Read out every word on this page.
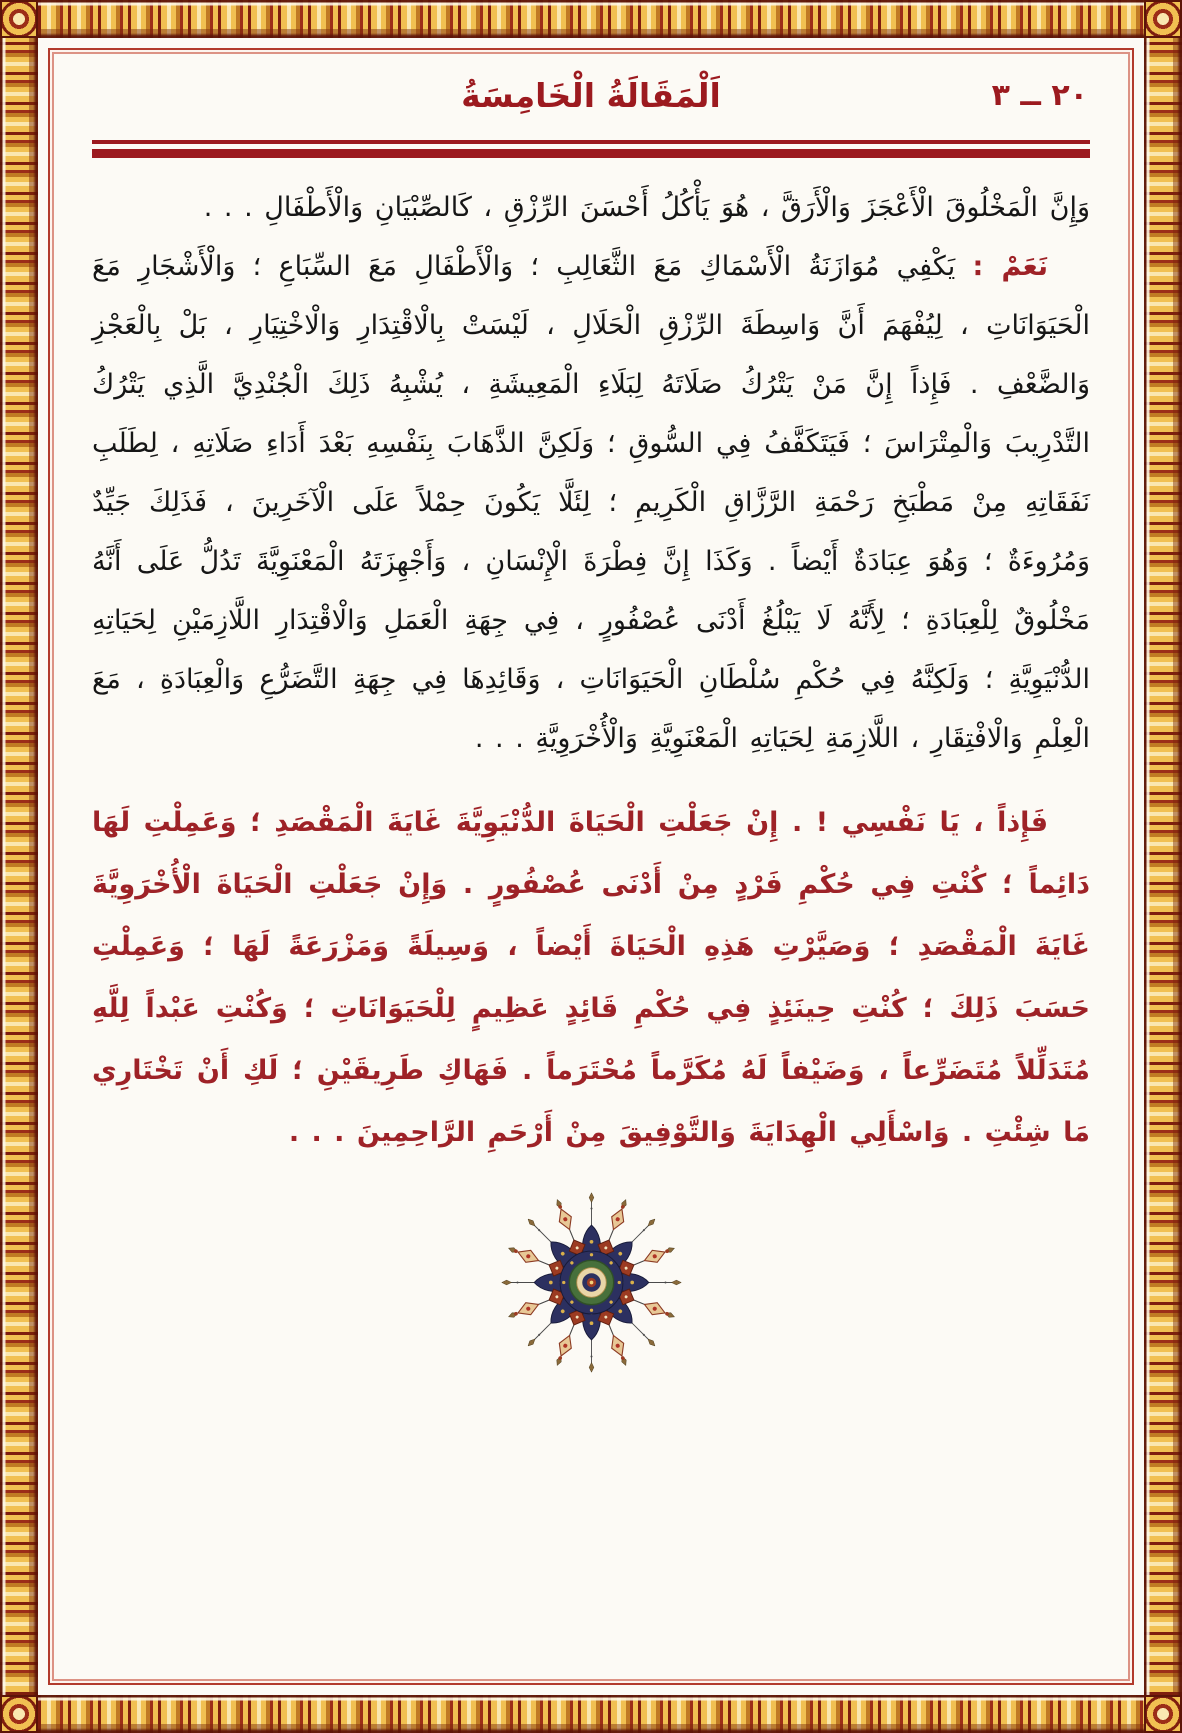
٢٠ ــ ٣
اَلْمَقَالَةُ الْخَامِسَةُ

وَإِنَّ الْمَخْلُوقَ الْأَعْجَزَ وَالْأَرَقَّ ، هُوَ يَأْكُلُ أَحْسَنَ الرِّزْقِ ، كَالصِّبْيَانِ وَالْأَطْفَالِ . . .

نَعَمْ : يَكْفِي مُوَازَنَةُ الْأَسْمَاكِ مَعَ الثَّعَالِبِ ؛ وَالْأَطْفَالِ مَعَ السِّبَاعِ ؛ وَالْأَشْجَارِ مَعَ الْحَيَوَانَاتِ ، لِيُفْهَمَ أَنَّ وَاسِطَةَ الرِّزْقِ الْحَلَالِ ، لَيْسَتْ بِالْاقْتِدَارِ وَالْاخْتِيَارِ ، بَلْ بِالْعَجْزِ وَالضَّعْفِ . فَإِذاً إِنَّ مَنْ يَتْرُكُ صَلَاتَهُ لِبَلَاءِ الْمَعِيشَةِ ، يُشْبِهُ ذَلِكَ الْجُنْدِيَّ الَّذِي يَتْرُكُ التَّدْرِيبَ وَالْمِتْرَاسَ ؛ فَيَتَكَفَّفُ فِي السُّوقِ ؛ وَلَكِنَّ الذَّهَابَ بِنَفْسِهِ بَعْدَ أَدَاءِ صَلَاتِهِ ، لِطَلَبِ نَفَقَاتِهِ مِنْ مَطْبَخِ رَحْمَةِ الرَّزَّاقِ الْكَرِيمِ ؛ لِئَلَّا يَكُونَ حِمْلاً عَلَى الْآخَرِينَ ، فَذَلِكَ جَيِّدٌ وَمُرُوءَةٌ ؛ وَهُوَ عِبَادَةٌ أَيْضاً . وَكَذَا إِنَّ فِطْرَةَ الْإِنْسَانِ ، وَأَجْهِزَتَهُ الْمَعْنَوِيَّةَ تَدُلُّ عَلَى أَنَّهُ مَخْلُوقٌ لِلْعِبَادَةِ ؛ لِأَنَّهُ لَا يَبْلُغُ أَدْنَى عُصْفُورٍ ، فِي جِهَةِ الْعَمَلِ وَالْاقْتِدَارِ اللَّازِمَيْنِ لِحَيَاتِهِ الدُّنْيَوِيَّةِ ؛ وَلَكِنَّهُ فِي حُكْمِ سُلْطَانِ الْحَيَوَانَاتِ ، وَقَائِدِهَا فِي جِهَةِ التَّضَرُّعِ وَالْعِبَادَةِ ، مَعَ الْعِلْمِ وَالْافْتِقَارِ ، اللَّازِمَةِ لِحَيَاتِهِ الْمَعْنَوِيَّةِ وَالْأُخْرَوِيَّةِ . . .

فَإِذاً ، يَا نَفْسِي ! . إِنْ جَعَلْتِ الْحَيَاةَ الدُّنْيَوِيَّةَ غَايَةَ الْمَقْصَدِ ؛ وَعَمِلْتِ لَهَا دَائِماً ؛ كُنْتِ فِي حُكْمِ فَرْدٍ مِنْ أَدْنَى عُصْفُورٍ . وَإِنْ جَعَلْتِ الْحَيَاةَ الْأُخْرَوِيَّةَ غَايَةَ الْمَقْصَدِ ؛ وَصَيَّرْتِ هَذِهِ الْحَيَاةَ أَيْضاً ، وَسِيلَةً وَمَزْرَعَةً لَهَا ؛ وَعَمِلْتِ حَسَبَ ذَلِكَ ؛ كُنْتِ حِينَئِذٍ فِي حُكْمِ قَائِدٍ عَظِيمٍ لِلْحَيَوَانَاتِ ؛ وَكُنْتِ عَبْداً لِلَّهِ مُتَدَلِّلاً مُتَضَرِّعاً ، وَضَيْفاً لَهُ مُكَرَّماً مُحْتَرَماً . فَهَاكِ طَرِيقَيْنِ ؛ لَكِ أَنْ تَخْتَارِي مَا شِئْتِ . وَاسْأَلِي الْهِدَايَةَ وَالتَّوْفِيقَ مِنْ أَرْحَمِ الرَّاحِمِينَ . . .
